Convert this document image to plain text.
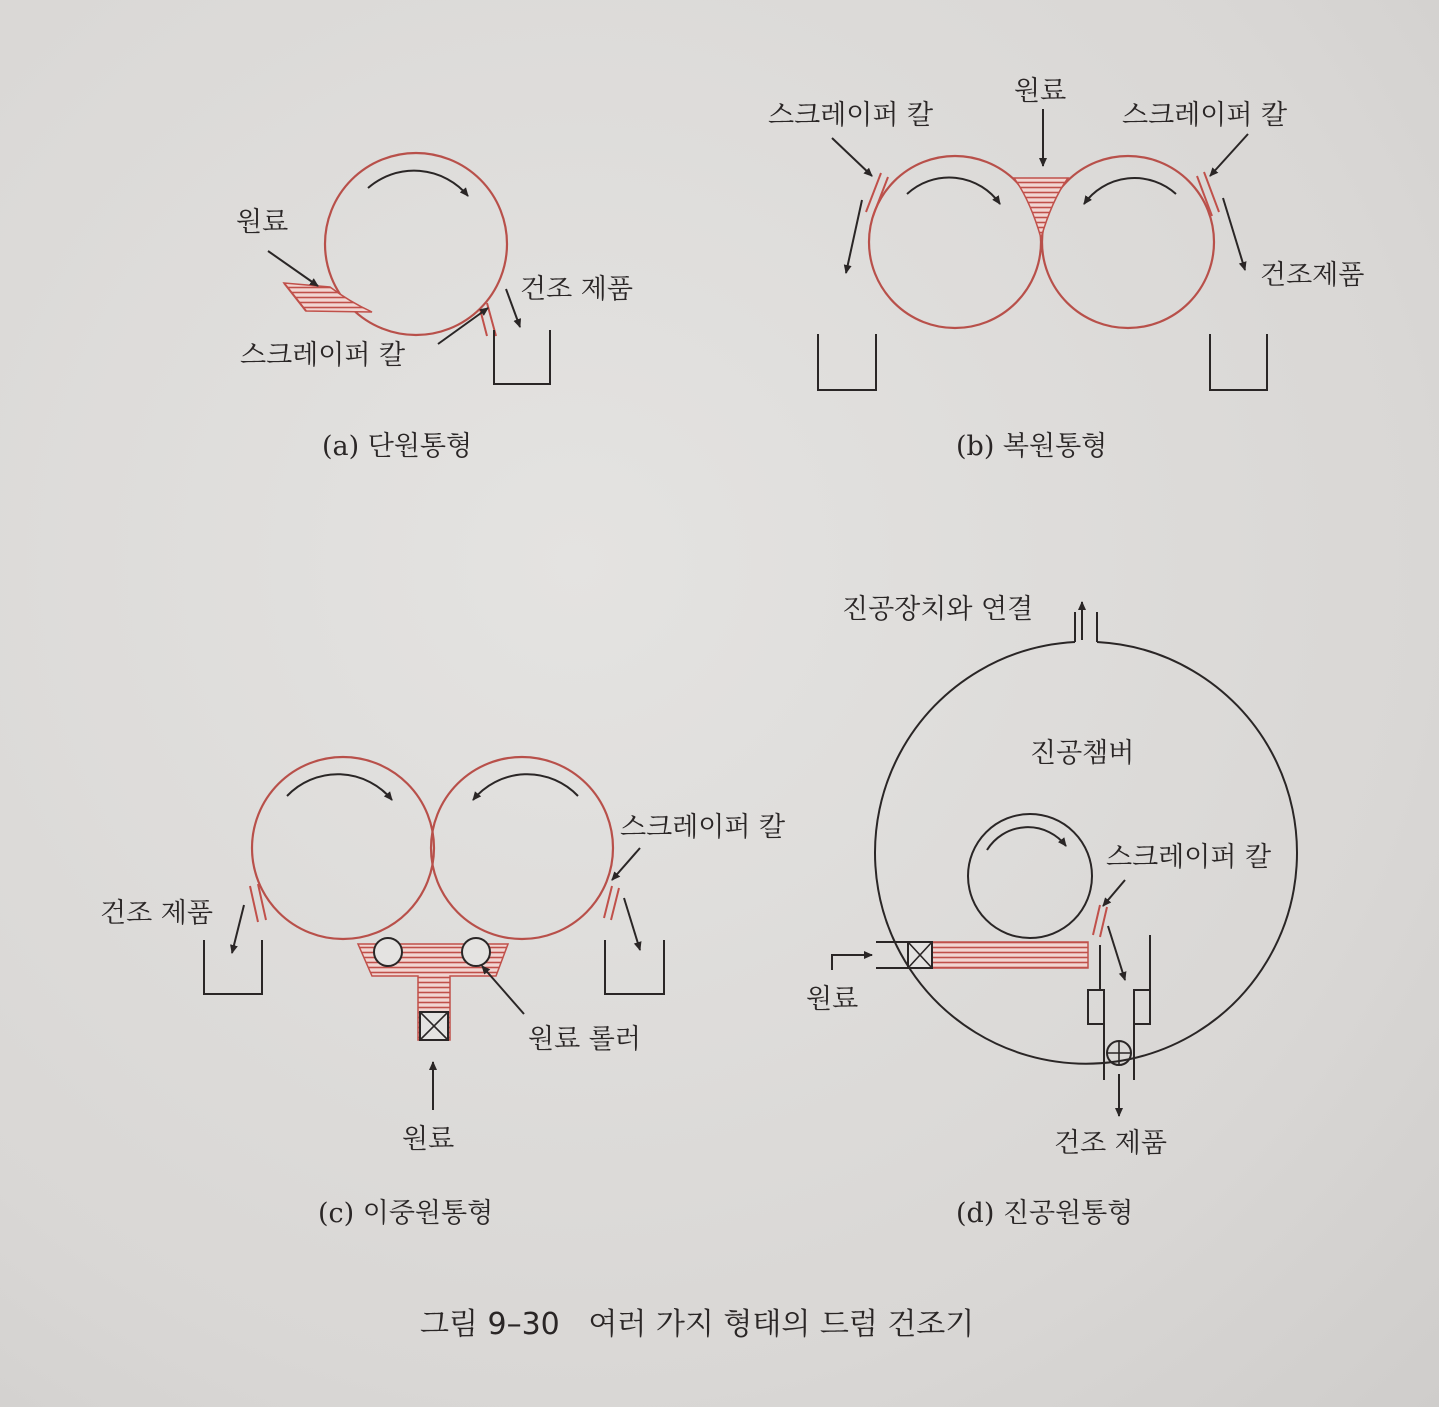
원료
건조 제품
스크레이퍼 칼
(a) 단원통형
원료
스크레이퍼 칼	스크레이퍼 칼
건조제품
(b) 복원통형
스크레이퍼 칼
건조 제품
원료 롤러
원료
(c) 이중원통형
진공장치와 연결
진공챔버
스크레이퍼 칼
원료
건조 제품
(d) 진공원통형
그림 9–30   여러 가지 형태의 드럼 건조기
